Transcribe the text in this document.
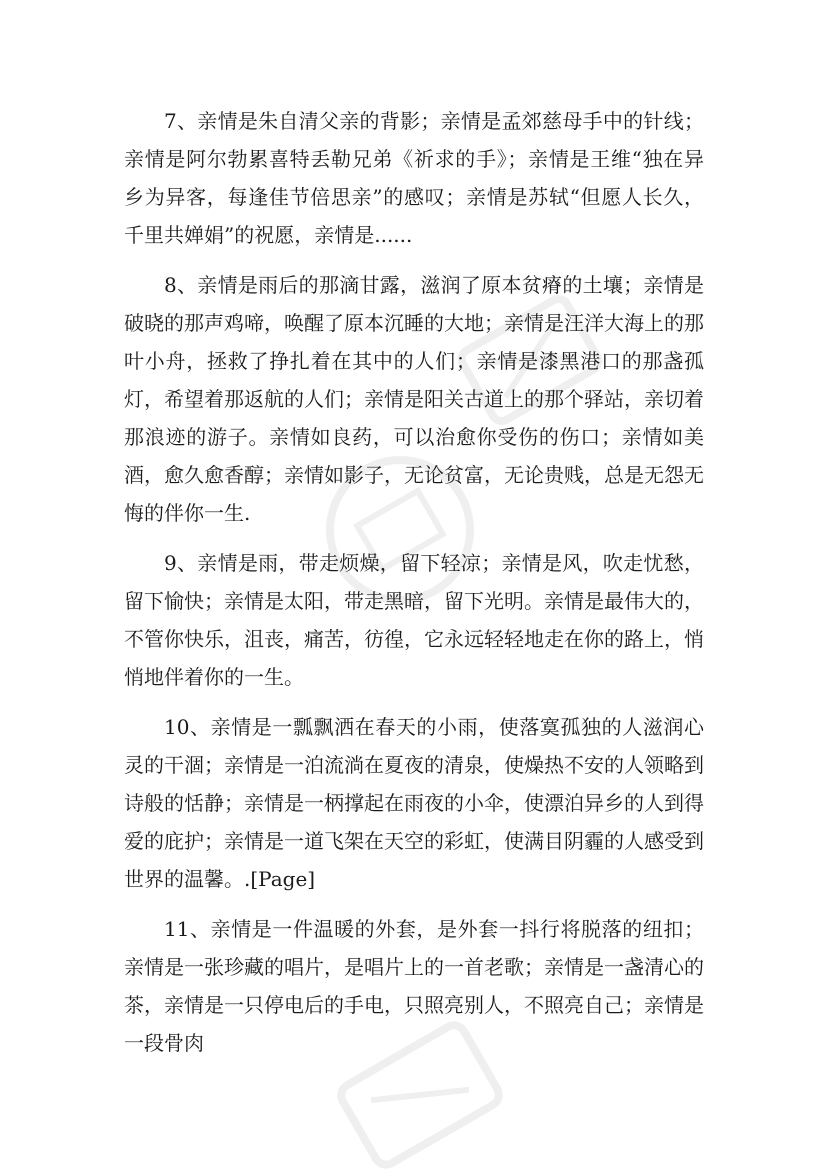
7、亲情是朱自清父亲的背影；亲情是孟郊慈母手中的针线；亲情是阿尔勃累喜特丢勒兄弟《祈求的手》；亲情是王维“独在异乡为异客，每逢佳节倍思亲”的感叹；亲情是苏轼“但愿人长久，千里共婵娟”的祝愿，亲情是......

8、亲情是雨后的那滴甘露，滋润了原本贫瘠的土壤；亲情是破晓的那声鸡啼，唤醒了原本沉睡的大地；亲情是汪洋大海上的那叶小舟，拯救了挣扎着在其中的人们；亲情是漆黑港口的那盏孤灯，希望着那返航的人们；亲情是阳关古道上的那个驿站，亲切着那浪迹的游子。亲情如良药，可以治愈你受伤的伤口；亲情如美酒，愈久愈香醇；亲情如影子，无论贫富，无论贵贱，总是无怨无悔的伴你一生.

9、亲情是雨，带走烦燥，留下轻凉；亲情是风，吹走忧愁，留下愉快；亲情是太阳，带走黑暗，留下光明。亲情是最伟大的，不管你快乐，沮丧，痛苦，彷徨，它永远轻轻地走在你的路上，悄悄地伴着你的一生。

10、亲情是一瓢飘洒在春天的小雨，使落寞孤独的人滋润心灵的干涸；亲情是一泊流淌在夏夜的清泉，使燥热不安的人领略到诗般的恬静；亲情是一柄撑起在雨夜的小伞，使漂泊异乡的人到得爱的庇护；亲情是一道飞架在天空的彩虹，使满目阴霾的人感受到世界的温馨。.[Page]

11、亲情是一件温暖的外套，是外套一抖行将脱落的纽扣；亲情是一张珍藏的唱片，是唱片上的一首老歌；亲情是一盏清心的茶，亲情是一只停电后的手电，只照亮别人，不照亮自己；亲情是一段骨肉
